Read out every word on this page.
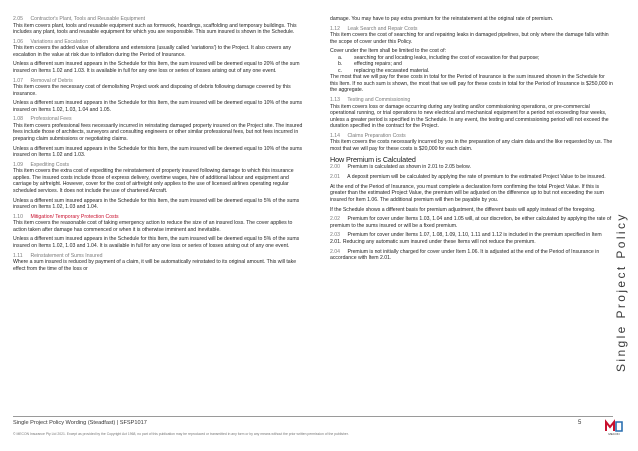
2.05 Contractor's Plant, Tools and Reusable Equipment
This item covers plant, tools and reusable equipment such as formwork, hoardings, scaffolding and temporary buildings. This includes any plant, tools and reusable equipment for which you are responsible. This sum insured is shown in the Schedule.
1.06 Variations and Escalation
This item covers the added value of alterations and extensions (usually called 'variations') to the Project. It also covers any escalation in the value at risk due to inflation during the Period of Insurance.
Unless a different sum insured appears in the Schedule for this Item, the sum insured will be deemed equal to 20% of the sum insured on Items 1.02 and 1.03. It is available in full for any one loss or series of losses arising out of any one event.
1.07 Removal of Debris
This item covers the necessary cost of demolishing Project work and disposing of debris following damage covered by this insurance.
Unless a different sum insured appears in the Schedule for this Item, the sum insured will be deemed equal to 10% of the sums insured on Items 1.02, 1.03, 1.04 and 1.05.
1.08 Professional Fees
This item covers professional fees necessarily incurred in reinstating damaged property insured on the Project site. The insured fees include those of architects, surveyors and consulting engineers or other similar professional fees, but not fees incurred in preparing claim submissions or negotiating claims.
Unless a different sum insured appears in the Schedule for this Item, the sum insured will be deemed equal to 10% of the sums insured on Items 1.02 and 1.03.
1.09 Expediting Costs
This item covers the extra cost of expediting the reinstatement of property insured following damage to which this insurance applies. The insured costs include those of express delivery, overtime wages, hire of additional labour and equipment and carriage by airfreight. However, cover for the cost of airfreight only applies to the use of licensed airlines operating regular scheduled services. It does not include the use of chartered Aircraft.
Unless a different sum insured appears in the Schedule for this Item, the sum insured will be deemed equal to 5% of the sums insured on Items 1.02, 1.03 and 1.04.
1.10 Mitigation/ Temporary Protection Costs
This item covers the reasonable cost of taking emergency action to reduce the size of an insured loss. The cover applies to action taken after damage has commenced or when it is otherwise imminent and inevitable.
Unless a different sum insured appears in the Schedule for this Item, the sum insured will be deemed equal to 5% of the sums insured on Items 1.02, 1.03 and 1.04. It is available in full for any one loss or series of losses arising out of any one event.
1.11 Reinstatement of Sums Insured
Where a sum insured is reduced by payment of a claim, it will be automatically reinstated to its original amount. This will take effect from the time of the loss or
damage. You may have to pay extra premium for the reinstatement at the original rate of premium.
1.12 Leak Search and Repair Costs
This item covers the cost of searching for and repairing leaks in damaged pipelines, but only where the damage falls within the scope of cover under this Policy.
Cover under the Item shall be limited to the cost of:
a. searching for and locating leaks, including the cost of excavation for that purpose;
b. effecting repairs; and
c. replacing the excavated material.
The most that we will pay for these costs in total for the Period of Insurance is the sum insured shown in the Schedule for this Item. If no such sum is shown, the most that we will pay for these costs in total for the Period of Insurance is $250,000 in the aggregate.
1.13 Testing and Commissioning
This item covers loss or damage occurring during any testing and/or commissioning operations, or pre-commercial operational running, or trial operations to new electrical and mechanical equipment for a period not exceeding four weeks, unless a greater period is specified in the Schedule. In any event, the testing and commissioning period will not exceed the duration specified in the contract for the Project.
1.14 Claims Preparation Costs
This item covers the costs necessarily incurred by you in the preparation of any claim data and the like requested by us. The most that we will pay for these costs is $20,000 for each claim.
How Premium is Calculated
2.00 Premium is calculated as shown in 2.01 to 2.05 below.
2.01 A deposit premium will be calculated by applying the rate of premium to the estimated Project Value to be insured.
At the end of the Period of Insurance, you must complete a declaration form confirming the total Project Value. If this is greater than the estimated Project Value, the premium will be adjusted on the difference up to but not exceeding the sum insured for Item 1.06. The additional premium will then be payable by you.
If the Schedule shows a different basis for premium adjustment, the different basis will apply instead of the foregoing.
2.02 Premium for cover under Items 1.03, 1.04 and 1.05 will, at our discretion, be either calculated by applying the rate of premium to the sums insured or will be a fixed premium.
2.03 Premium for cover under Items 1.07, 1.08, 1.09, 1.10, 1.11 and 1.12 is included in the premium specified in Item 2.01. Reducing any automatic sum insured under these Items will not reduce the premium.
2.04 Premium is not initially charged for cover under Item 1.06. It is adjusted at the end of the Period of Insurance in accordance with Item 2.01.	Single Project Policy
Single Project Policy Wording (Steadfast) | SFSP1017	5
© MECON Insurance Pty Ltd 2021. Except as provided by the Copyright Act 1968, no part of this publication may be reproduced or transmitted in any form or by any means without the prior written permission of the publisher.	MECON
